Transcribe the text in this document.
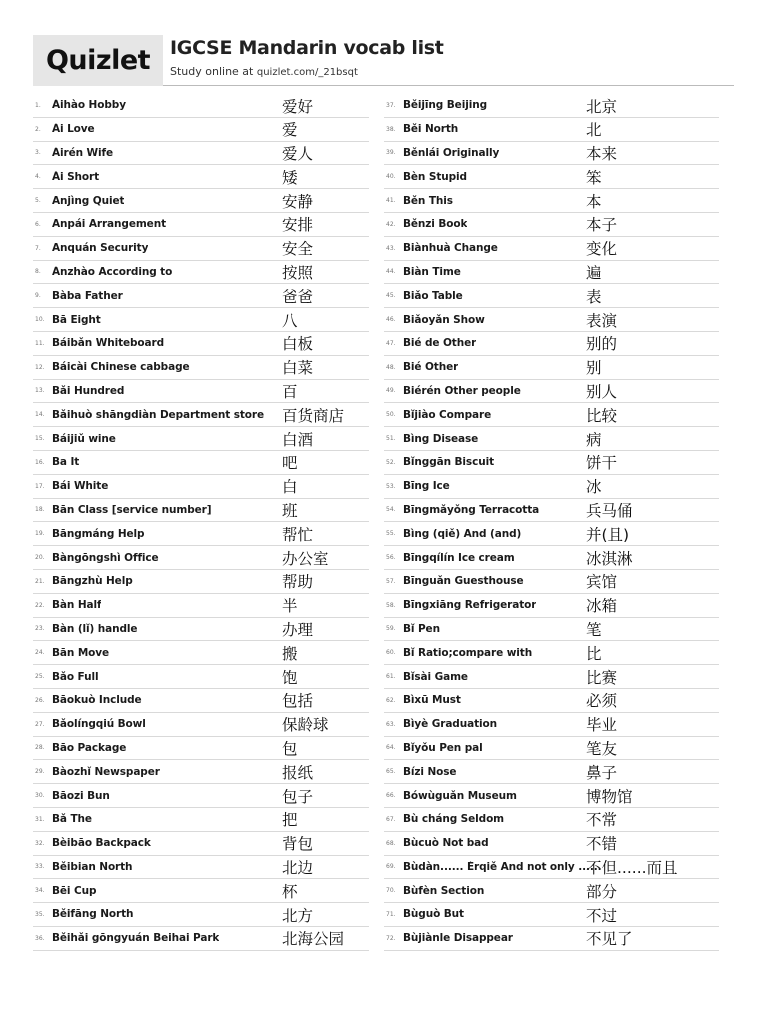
Quizlet IGCSE Mandarin vocab list
Study online at quizlet.com/_21bsqt
1.	Àihào Hobby	爱好
2.	Ài Love	爱
3.	Àirén Wife	爱人
4.	Ǎi Short	矮
5.	Ānjìng Quiet	安静
6.	Ānpái Arrangement	安排
7.	Ānquán Security	安全
8.	Ànzhào According to	按照
9.	Bàba Father	爸爸
10. Bā Eight	八
11. Báibǎn Whiteboard	白板
12. Báicài Chinese cabbage	白菜
13. Bǎi Hundred	百
14. Bǎihuò shāngdiàn Department store 百货商店
15. Báijiǔ wine	白酒
16. Ba It	吧
17. Bái White	白
18. Bān Class [service number]	班
19. Bāngmáng Help	帮忙
20. Bàngōngshì Office	办公室
21. Bāngzhù Help	帮助
22. Bàn Half	半
23. Bàn (lǐ) handle	办理
24. Bān Move	搬
25. Bǎo Full	饱
26. Bāokuò Include	包括
27. Bǎolíngqiú Bowl	保龄球
28. Bāo Package	包
29. Bàozhǐ Newspaper	报纸
30. Bāozi Bun	包子
31. Bǎ The	把
32. Bèibāo Backpack	背包
33. Běibian North	北边
34. Bēi Cup	杯
35. Běifāng North	北方
36. Běihǎi gōngyuán Beihai Park	北海公园
37. Běijīng Beijing	北京
38. Běi North	北
39. Běnlái Originally	本来
40. Bèn Stupid	笨
41. Běn This	本
42. Běnzi Book	本子
43. Biànhuà Change	变化
44. Biàn Time	遍
45. Biǎo Table	表
46. Biǎoyǎn Show	表演
47. Bié de Other	别的
48. Bié Other	别
49. Biérén Other people	别人
50. Bǐjiào Compare	比较
51. Bìng Disease	病
52. Bǐnggān Biscuit	饼干
53. Bīng Ice	冰
54. Bīngmǎyǒng Terracotta	兵马俑
55. Bìng (qiě) And (and)	并(且)
56. Bīngqílín Ice cream	冰淇淋
57. Bīnguǎn Guesthouse	宾馆
58. Bīngxiāng Refrigerator	冰箱
59. Bǐ Pen	笔
60. Bǐ Ratio;compare with	比
61. Bǐsài Game	比赛
62. Bìxū Must	必须
63. Bìyè Graduation	毕业
64. Bǐyǒu Pen pal	笔友
65. Bízi Nose	鼻子
66. Bówùguǎn Museum	博物馆
67. Bù cháng Seldom	不常
68. Bùcuò Not bad	不错
69. Bùdàn...... Érqiě And not only ......
不但......而且
70. Bùfèn Section	部分
71. Bùguò But	不过
72. Bùjiànle Disappear	不见了
